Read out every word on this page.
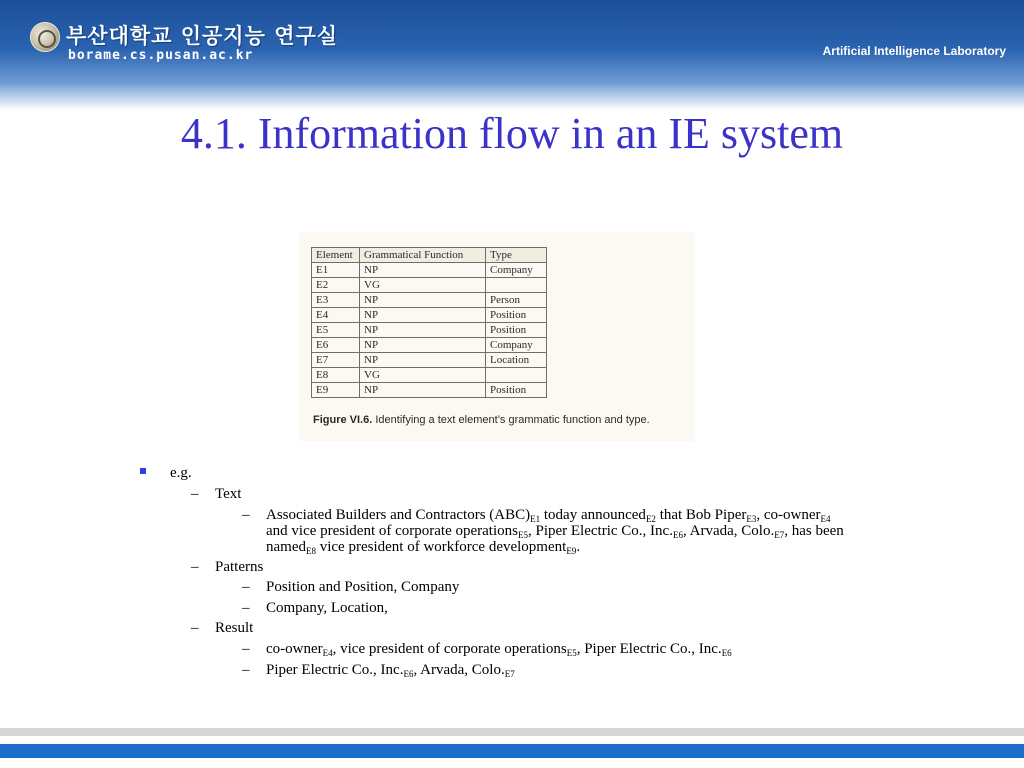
부산대학교 인공지능 연구실
borame.cs.pusan.ac.kr	Artificial Intelligence Laboratory
4.1. Information flow in an IE system
Element	Grammatical Function	Type
E1	NP	Company
E2	VG	
E3	NP	Person
E4	NP	Position
E5	NP	Position
E6	NP	Company
E7	NP	Location
E8	VG	
E9	NP	Position
Figure VI.6. Identifying a text element’s grammatic function and type.
e.g.
– Text
– Associated Builders and Contractors $(ABC)_{E1}$ today announced$_{E2}$ that Bob Piper$_{E3}$, co-owner$_{E4}$
and vice president of corporate operations$_{E5}$, Piper Electric Co., $Inc._{E6}$, Arvada, $Colo._{E7}$, has been
named$_{E8}$ vice president of workforce development$_{E9}$.
– Patterns
– Position and Position, Company
– Company, Location,
– Result
– co-owner$_{E4}$, vice president of corporate operations$_{E5}$, Piper Electric Co., $Inc._{E6}$
– Piper Electric Co., $Inc._{E6}$, Arvada, $Colo._{E7}$
